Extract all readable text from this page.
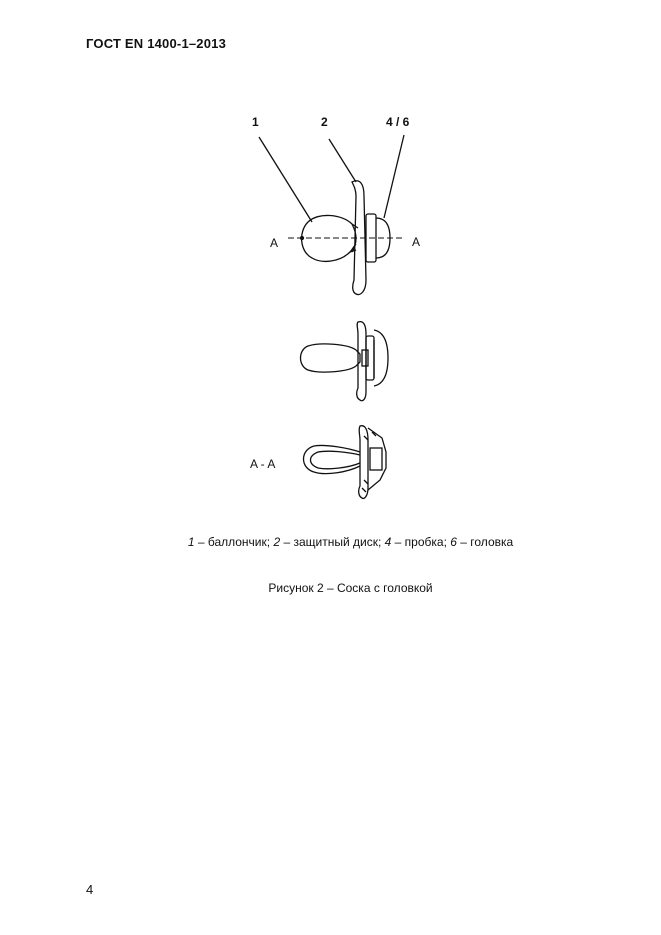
ГОСТ EN 1400-1–2013
1	2	4 / 6
A	A
A - A
1 – баллончик; 2 – защитный диск; 4 – пробка; 6 – головка
Рисунок 2 – Соска с головкой
4
